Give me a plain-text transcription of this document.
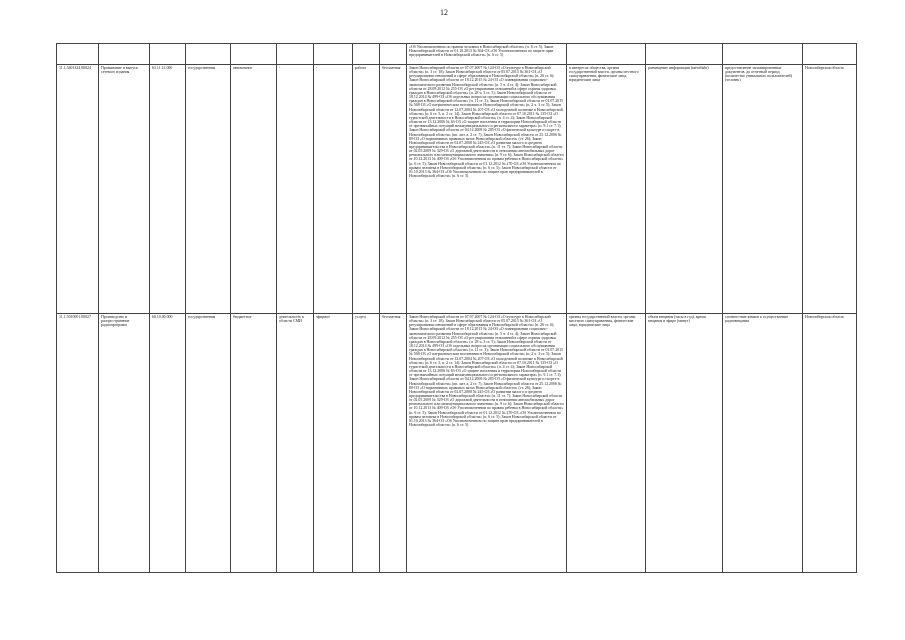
12
									«Об Уполномоченном по правам человека в Новосибирской области» (п. 6 ст. 5), Закон Новосибирской области от 01.10.2013 № 364-ОЗ «Об Уполномоченном по защите прав предпринимателей в Новосибирской области» (п. 6 ст. 5)				
11.1.5401324.00024	Проживание и выпуск сетевого издания	63.11.12.000	государственная	автономное	-	-	работа	бесплатная	Закон Новосибирской области от 07.07.2007 № 124-ОЗ «О культуре в Новосибирской области» (п. 3 ст. 10); Закон Новосибирской области от 05.07.2013 № 361-ОЗ «О регулировании отношений в сфере образования в Новосибирской области» (п. 26 ст. 6); Закон Новосибирской области от 18.12.2015 № 24-ОЗ «О планировании социально-экономического развития Новосибирской области» (п. 5 ч. 4 ст. 4); Закон Новосибирской области от 28.09.2012 № 255-ОЗ «О регулировании отношений в сфере охраны здоровья граждан в Новосибирской области» (п. 28 ч. 3 ст. 5); Закон Новосибирской области от 18.12.2014 № 499-ОЗ «Об отдельных вопросах организации социального обслуживания граждан в Новосибирской области» (п. 11 ст. 3); Закон Новосибирской области от 01.07.2015 № 568-ОЗ «О патриотическом воспитании в Новосибирской области» (п. 2 ч. 3 ст. 5); Закон Новосибирской области от 12.07.2004 № 207-ОЗ «О молодежной политике в Новосибирской области» (п. 6 ст. 5, п. 2 ст. 14); Закон Новосибирской области от 07.10.2011 № 135-ОЗ «О туристской деятельности в Новосибирской области» (п. 4 ст. 4); Закон Новосибирской области от 13.12.2006 № 63-ОЗ «О защите населения и территории Новосибирской области от чрезвычайных ситуаций межмуниципального и регионального характера» (п. 9.1 ст. 7.1); Закон Новосибирской области от 04.12.2008 № 285-ОЗ «О физической культуре и спорте в Новосибирской области» (пп. лит. а, 2 ст. 7); Закон Новосибирской области от 25.12.2006 № 80-ОЗ «О нормативных правовых актах Новосибирской области» (ст. 26); Закон Новосибирской области от 02.07.2008 № 245-ОЗ «О развитии малого и среднего предпринимательства в Новосибирской области» (п. 11 ст. 7); Закон Новосибирской области от 02.05.2009 № 329-ОЗ «О дорожной деятельности в отношении автомобильных дорог регионального или межмуниципального значения» (п. 9 ст. 6); Закон Новосибирской области от 10.12.2013 № 409-ОЗ «Об Уполномоченном по правам ребенка в Новосибирской области» (п. 6 ст. 5); Закон Новосибирской области от 01.12.2012 № 270-ОЗ «Об Уполномоченном по правам человека в Новосибирской области» (п. 6 ст. 5); Закон Новосибирской области от 01.10.2013 № 364-ОЗ «Об Уполномоченном по защите прав предпринимателей в Новосибирской области» (п. 6 ст. 5)	в интересах общества, органы государственной власти, органы местного самоуправления, физические лица, юридические лица	размещение информации (метабайт)	предоставление запланированных документов, до отчетный период (количество уникальных пользователей) (человек)	Новосибирская область
11.1.5010001.00027	Производство и распространение радиопрограмм	60.10.00.000	государственная	бюджетное	деятельность в области СМИ	эфирное	услуга	бесплатная	Закон Новосибирской области от 07.07.2007 № 124-ОЗ «О культуре в Новосибирской области» (п. 3 ст. 10); Закон Новосибирской области от 05.07.2013 № 361-ОЗ «О регулировании отношений в сфере образования в Новосибирской области» (п. 26 ст. 6); Закон Новосибирской области от 18.12.2015 № 24-ОЗ «О планировании социально-экономического развития Новосибирской области» (п. 5 ч. 4 ст. 4); Закон Новосибирской области от 28.09.2012 № 255-ОЗ «О регулировании отношений в сфере охраны здоровья граждан в Новосибирской области» (п. 28 ч. 3 ст. 5); Закон Новосибирской области от 18.12.2014 № 499-ОЗ «Об отдельных вопросах организации социального обслуживания граждан в Новосибирской области» (п. 11 ст. 3); Закон Новосибирской области от 01.07.2015 № 568-ОЗ «О патриотическом воспитании в Новосибирской области» (п. 2 ч. 3 ст. 5); Закон Новосибирской области от 12.07.2004 № 207-ОЗ «О молодежной политике в Новосибирской области» (п. 6 ст. 5, п. 2 ст. 14); Закон Новосибирской области от 07.10.2011 № 135-ОЗ «О туристской деятельности в Новосибирской области» (п. 4 ст. 4); Закон Новосибирской области от 13.12.2006 № 63-ОЗ «О защите населения и территории Новосибирской области от чрезвычайных ситуаций межмуниципального и регионального характера» (п. 9.1 ст. 7.1); Закон Новосибирской области от 04.12.2008 № 285-ОЗ «О физической культуре и спорте в Новосибирской области» (пп. лит. а, 2 ст. 7); Закон Новосибирской области от 25.12.2006 № 80-ОЗ «О нормативных правовых актах Новосибирской области» (ст. 26); Закон Новосибирской области от 02.07.2008 № 245-ОЗ «О развитии малого и среднего предпринимательства в Новосибирской области» (п. 11 ст. 7); Закон Новосибирской области от 02.05.2009 № 329-ОЗ «О дорожной деятельности в отношении автомобильных дорог регионального или межмуниципального значения» (п. 9 ст. 6); Закон Новосибирской области от 10.12.2013 № 409-ОЗ «Об Уполномоченном по правам ребенка в Новосибирской области» (п. 6 ст. 5); Закон Новосибирской области от 01.12.2012 № 270-ОЗ «Об Уполномоченном по правам человека в Новосибирской области» (п. 6 ст. 5); Закон Новосибирской области от 01.10.2013 № 364-ОЗ «Об Уполномоченном по защите прав предпринимателей в Новосибирской области» (п. 6 ст. 5)	органы государственной власти, органы местного самоуправления, физические лица, юридические лица	объем вещания (часы в год), время вещания в эфире (минут)	соответствие языков к осуществление радиовещания	Новосибирская область
